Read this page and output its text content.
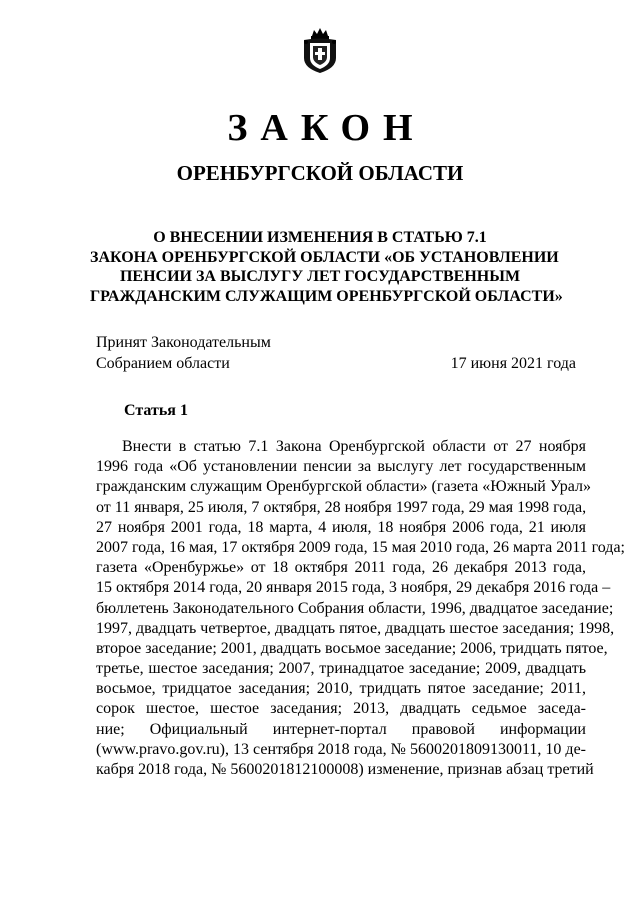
ЗАКОН
ОРЕНБУРГСКОЙ ОБЛАСТИ
О ВНЕСЕНИИ ИЗМЕНЕНИЯ В СТАТЬЮ 7.1
ЗАКОНА ОРЕНБУРГСКОЙ ОБЛАСТИ «ОБ УСТАНОВЛЕНИИ
ПЕНСИИ ЗА ВЫСЛУГУ ЛЕТ ГОСУДАРСТВЕННЫМ
ГРАЖДАНСКИМ СЛУЖАЩИМ ОРЕНБУРГСКОЙ ОБЛАСТИ»
Принят Законодательным
Собранием области	17 июня 2021 года
Статья 1
Внести в статью 7.1 Закона Оренбургской области от 27 ноября
1996 года «Об установлении пенсии за выслугу лет государственным
гражданским служащим Оренбургской области» (газета «Южный Урал»
от 11 января, 25 июля, 7 октября, 28 ноября 1997 года, 29 мая 1998 года,
27 ноября 2001 года, 18 марта, 4 июля, 18 ноября 2006 года, 21 июля
2007 года, 16 мая, 17 октября 2009 года, 15 мая 2010 года, 26 марта 2011 года;
газета «Оренбуржье» от 18 октября 2011 года, 26 декабря 2013 года,
15 октября 2014 года, 20 января 2015 года, 3 ноября, 29 декабря 2016 года –
бюллетень Законодательного Собрания области, 1996, двадцатое заседание;
1997, двадцать четвертое, двадцать пятое, двадцать шестое заседания; 1998,
второе заседание; 2001, двадцать восьмое заседание; 2006, тридцать пятое,
третье, шестое заседания; 2007, тринадцатое заседание; 2009, двадцать
восьмое, тридцатое заседания; 2010, тридцать пятое заседание; 2011,
сорок шестое, шестое заседания; 2013, двадцать седьмое заседа-
ние; Официальный интернет-портал правовой информации
(www.pravo.gov.ru), 13 сентября 2018 года, № 5600201809130011, 10 де-
кабря 2018 года, № 5600201812100008) изменение, признав абзац третий
